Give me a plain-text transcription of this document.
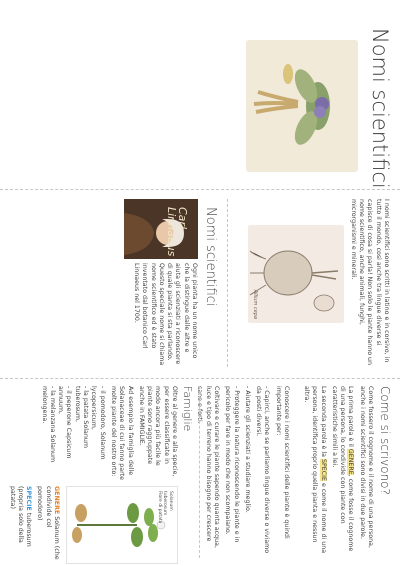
Nomi scientifici

I nomi scientifici sono scritti in latino e in corsivo, in tutto il mondo, così anche tra lingue diverse si capisce di cosa si parla! Non solo le piante hanno un nome scientifico, anche animali, funghi, microrganismi e minerali.

Allium cepa
Nomi scientifici

Ogni pianta ha un nome unico che la distingue dalle altre e aiuta gli scienziati a riconoscere di quale pianta si sta parlando. Questo speciale nome si chiama nome scientifico ed è stato inventato dal botanico Carl Linnaeus nel 1700.

Carl Linnaeus
Come si scrivono?

Come fossero il cognome e il nome di una persona, anche i nomi scientifici sono divisi in due parole.

La prima parola è il GENERE, come fosse il cognome di una persona, lo condivide con piante con caratteristiche simili a lei.

La seconda parola è la SPECIE e come il nome di una persona, identifica proprio quella pianta e nessun altra.

Conoscere i nomi scientifici delle piante è quindi importante per:

- Capirci, anche se parliamo lingue diverse o viviamo da posti diversi.

- Aiutare gli scienziati a studiare meglio.

- Proteggere la natura riconoscendo le piante e in pericolo per fare in modo che non scompaiano.

Coltivare e curare le piante sapendo quanta acqua, luce e tipo di terreno hanno bisogno per crescere sane e forti.

Famiglie

Oltre al genere e alla specie, per essere classificate in modo ancora più facile le piante sono raggruppate anche in FAMIGLIE.

Ad esempio la famiglia delle Solanaceae di cui fanno parte molte piante del nostro orto:

- il pomodoro, Solanum lycopersicum,

- la patata Solanum tuberosum,

- il peperone Capsicum annuum,

- la melanzana Solanum melongena.

Solanum
tuberosum
Fiore di patata

GENERE Solanum (che condivide col pomodoro)

SPECIE tuberosum (propria solo della patata)
